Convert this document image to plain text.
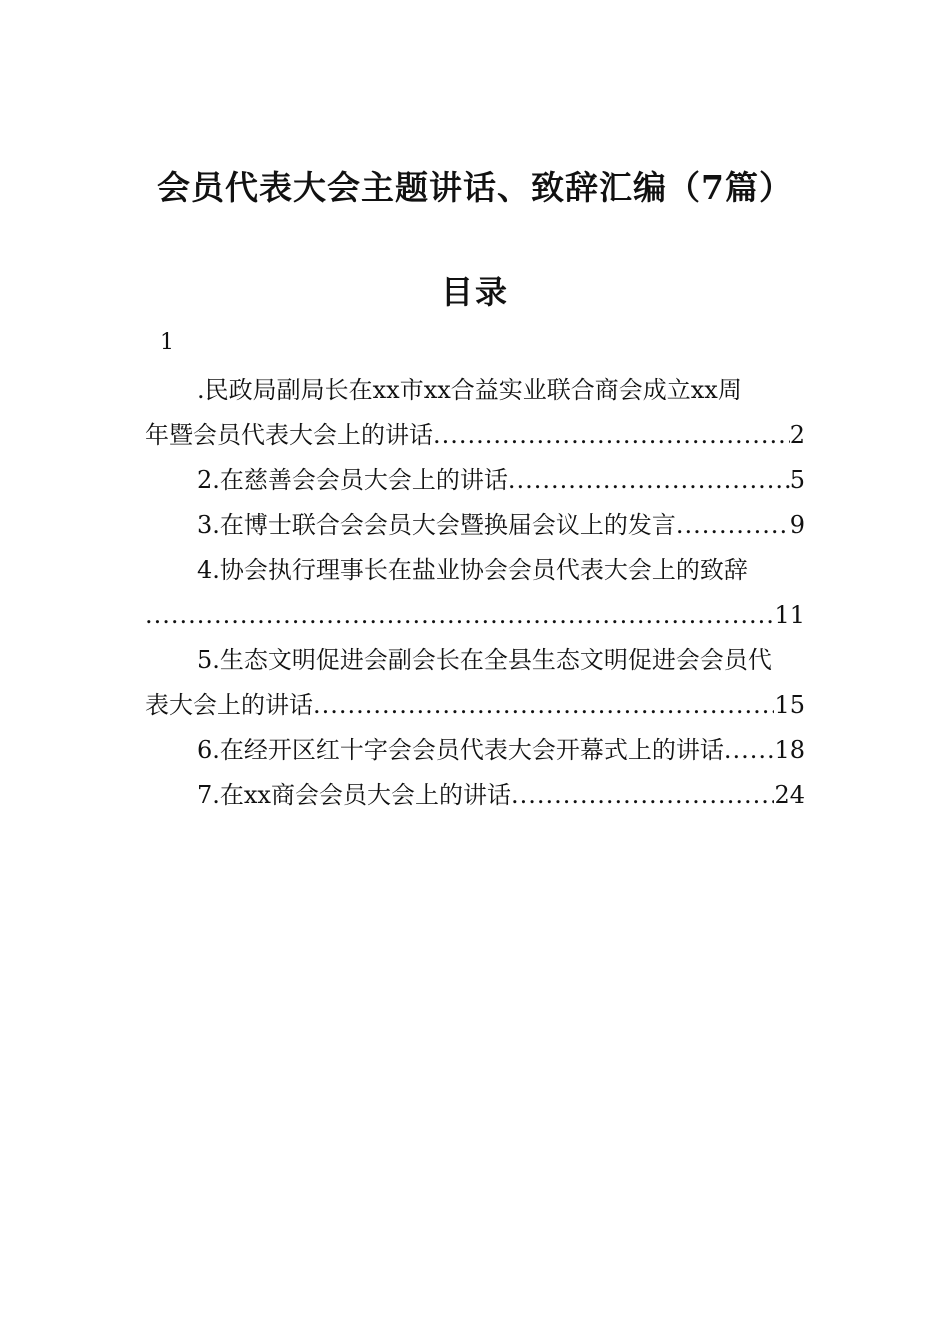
会员代表大会主题讲话、致辞汇编（7篇）
目录
1
.民政局副局长在xx市xx合益实业联合商会成立xx周
年暨会员代表大会上的讲话 .....	2
2.在慈善会会员大会上的讲话 .....	5
3.在博士联合会会员大会暨换届会议上的发言 .....	9
4.协会执行理事长在盐业协会会员代表大会上的致辞
.....
11
5.生态文明促进会副会长在全县生态文明促进会会员代
表大会上的讲话 .....	15
6.在经开区红十字会会员代表大会开幕式上的讲话 ..... 18
7.在xx商会会员大会上的讲话 .....	24
